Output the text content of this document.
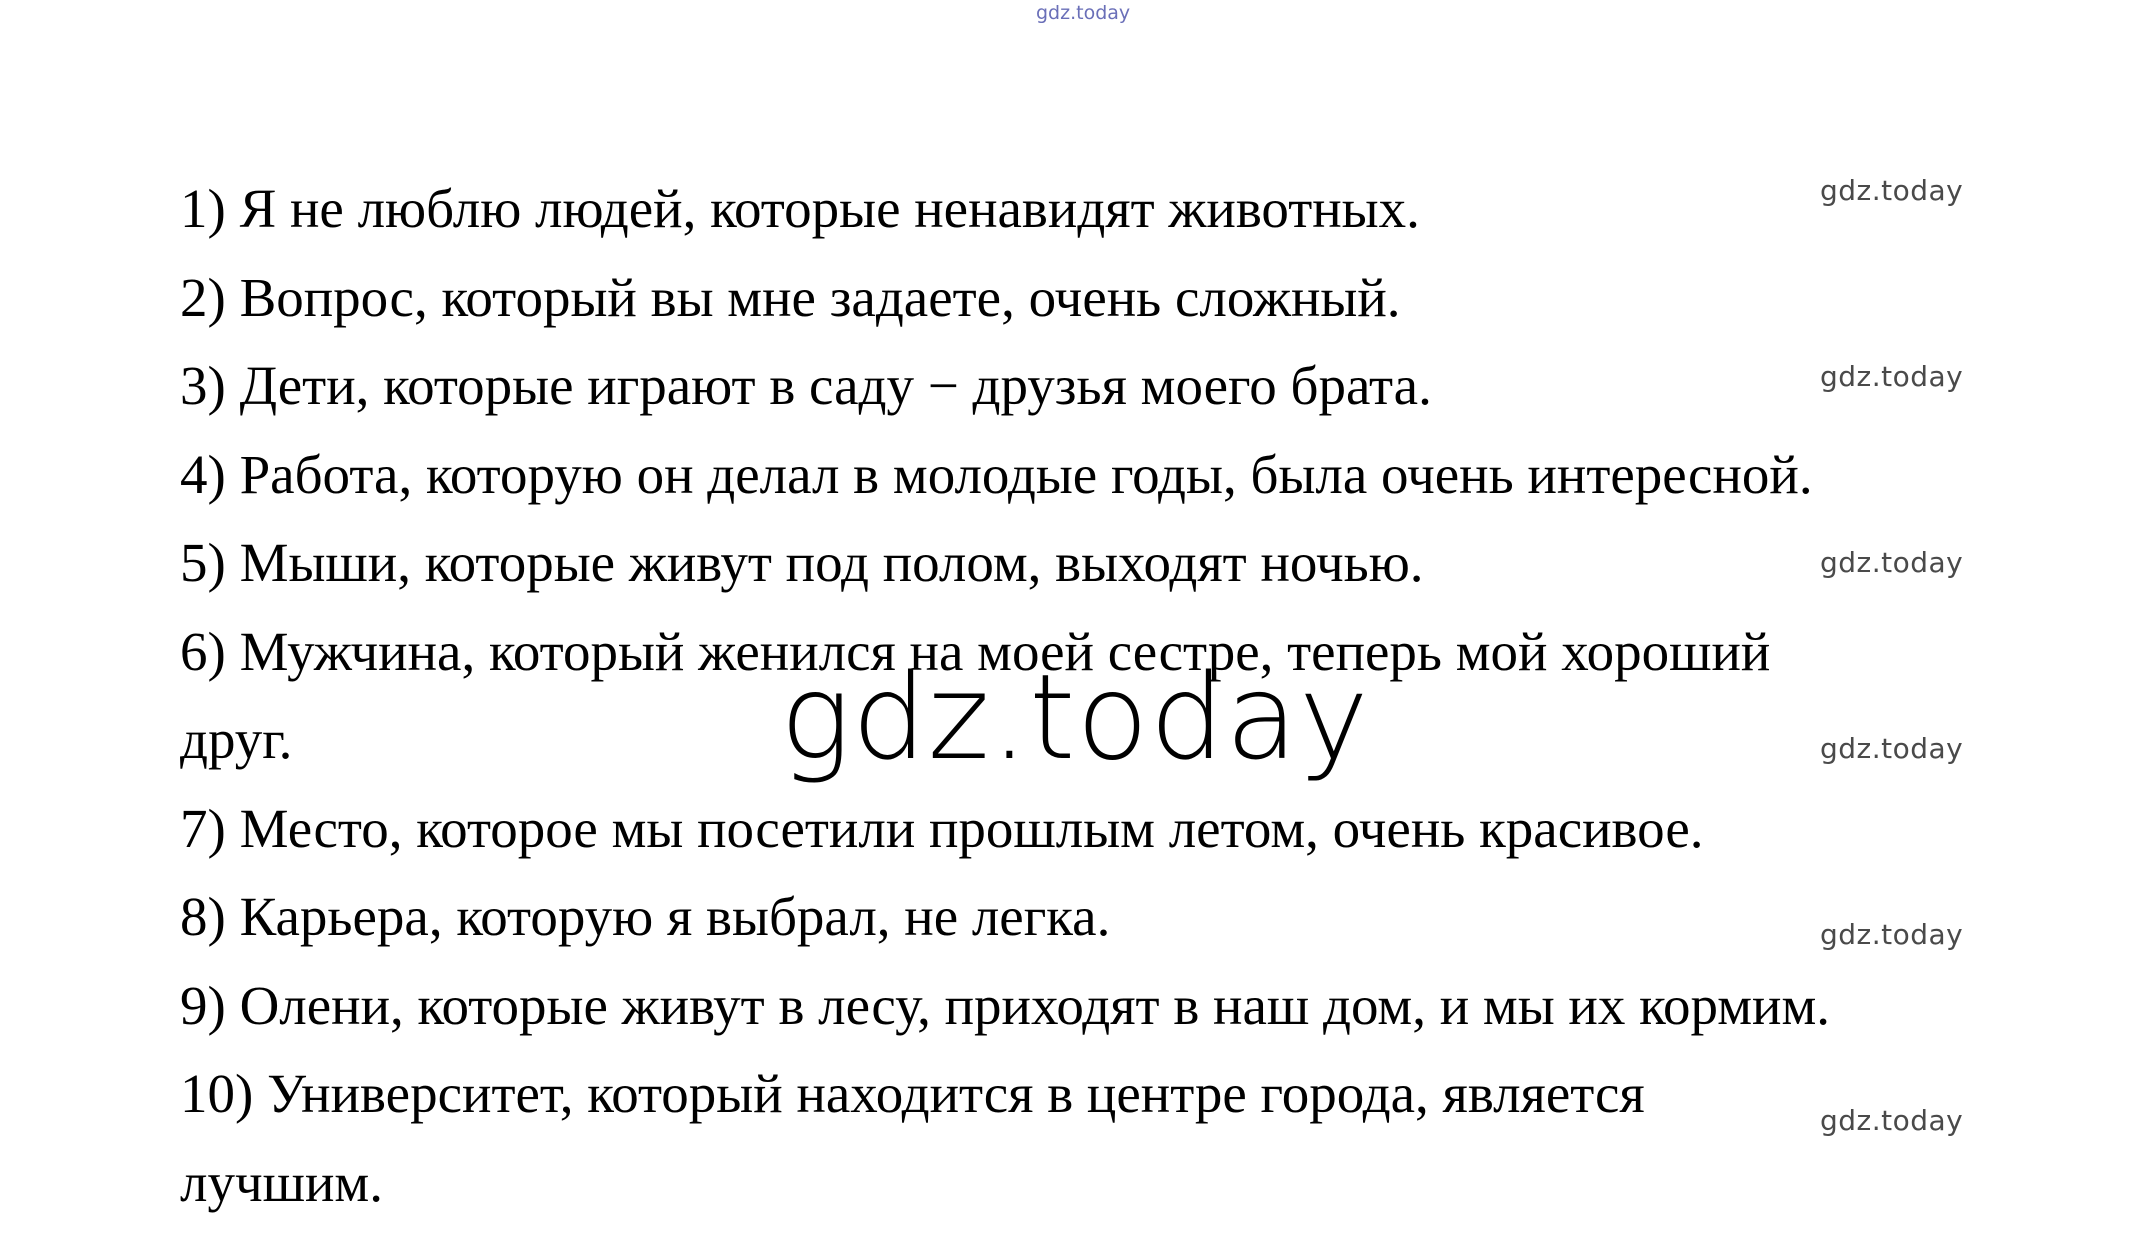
gdz.today
1) Я не люблю людей, которые ненавидят животных.
2) Вопрос, который вы мне задаете, очень сложный.
3) Дети, которые играют в саду − друзья моего брата.
4) Работа, которую он делал в молодые годы, была очень интересной.
5) Мыши, которые живут под полом, выходят ночью.
6) Мужчина, который женился на моей сестре, теперь мой хороший
друг.
7) Место, которое мы посетили прошлым летом, очень красивое.
8) Карьера, которую я выбрал, не легка.
9) Олени, которые живут в лесу, приходят в наш дом, и мы их кормим.
10) Университет, который находится в центре города, является
лучшим.
gdz.today
gdz.today
gdz.today
gdz.today
gdz.today
gdz.today
gdz.today
